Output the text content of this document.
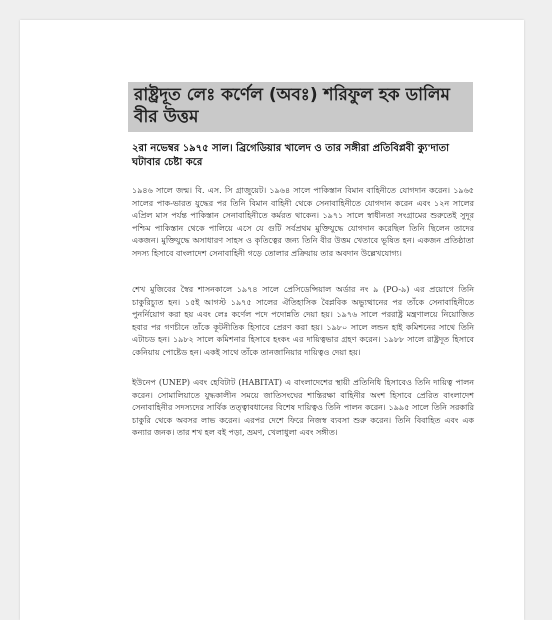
রাষ্ট্রদূত লেঃ কর্ণেল (অবঃ) শরিফুল হক ডালিম বীর উত্তম
২রা নভেম্বর ১৯৭৫ সাল। ব্রিগেডিয়ার খালেদ ও তার সঙ্গীরা প্রতিবিপ্লবী ক্যু'দাতা ঘটাবার চেষ্টা করে

১৯৪৬ সালে জন্ম। বি. এস. সি গ্রাজুয়েট। ১৯৬৪ সালে পাকিস্তান বিমান বাহিনীতে যোগদান করেন। ১৯৬৫ সালের পাক-ভারত যুদ্ধের পর তিনি বিমান বাহিনী থেকে সেনাবাহিনীতে যোগদান করেন এবং ১২ন সালের এপ্রিল মাস পর্যন্ত পাকিস্তান সেনাবাহিনীতে কর্মরত থাকেন। ১৯৭১ সালে স্বাধীনতা সংগ্রামের শুরুতেই সুদূর পশ্চিম পাকিস্তান থেকে পালিয়ে এসে যে গুটি সর্বপ্রথম মুক্তিযুদ্ধে যোগদান করেছিল তিনি ছিলেন তাদের একজন। মুক্তিযুদ্ধে অসাধারণ সাহস ও কৃতিত্বের জন্য তিনি বীর উত্তম খেতাবে ভূষিত হন। একজন প্রতিষ্ঠাতা সদস্য হিসাবে বাংলাদেশ সেনাবাহিনী গড়ে তোলার প্রক্রিয়ায় তার অবদান উল্লেখযোগ্য।

শেখ মুজিবের স্বৈর শাসনকালে ১৯৭৪ সালে প্রেসিডেন্সিয়াল অর্ডার নং ৯ (PO-৯) এর প্রয়োগে তিনি চাকুরিচ্যুত হন। ১৫ই আগস্ট ১৯৭৫ সালের ঐতিহাসিক বৈপ্লবিক অভ্যুত্থানের পর তাঁকে সেনাবাহিনীতে পুনর্নিয়োগ করা হয় এবং লেঃ কর্ণেল পদে পদোন্নতি দেয়া হয়। ১৯৭৬ সালে পররাষ্ট্র মন্ত্রণালয়ে নিয়োজিত হবার পর গণচীনে তাঁকে কূটনীতিক হিসাবে প্রেরণ করা হয়। ১৯৮০ সালে লন্ডন হাই কমিশনের সাথে তিনি এটাচড হন। ১৯৮২ সালে কমিশনার হিসাবে হংকং এর দায়িত্বভার গ্রহণ করেন। ১৯৮৮ সালে রাষ্ট্রদূত হিসাবে কেনিয়ায় পোষ্টেড হন। একই সাথে তাঁকে তানজানিয়ার দায়িত্বও দেয়া হয়।

ইউনেপ (UNEP) এবং হেবিটাট (HABITAT) এ বাংলাদেশের স্থায়ী প্রতিনিধি হিসাবেও তিনি দায়িত্ব পালন করেন। সোমালিয়াতে যুদ্ধকালীন সময়ে জাতিসংঘের শান্তিরক্ষা বাহিনীর অংশ হিসাবে প্রেরিত বাংলাদেশ সেনাবাহিনীর সদস্যদের সার্বিক তত্ত্বাবধানের বিশেষ দায়িত্বও তিনি পালন করেন। ১৯৯৫ সালে তিনি সরকারি চাকুরি থেকে অবসর লাভ করেন। এরপর দেশে ফিরে নিজস্ব ব্যবসা শুরু করেন। তিনি বিবাহিত এবং এক কন্যার জনক। তার শখ হল বই পড়া, ভ্রমণ, খেলাধুলা এবং সঙ্গীত।
